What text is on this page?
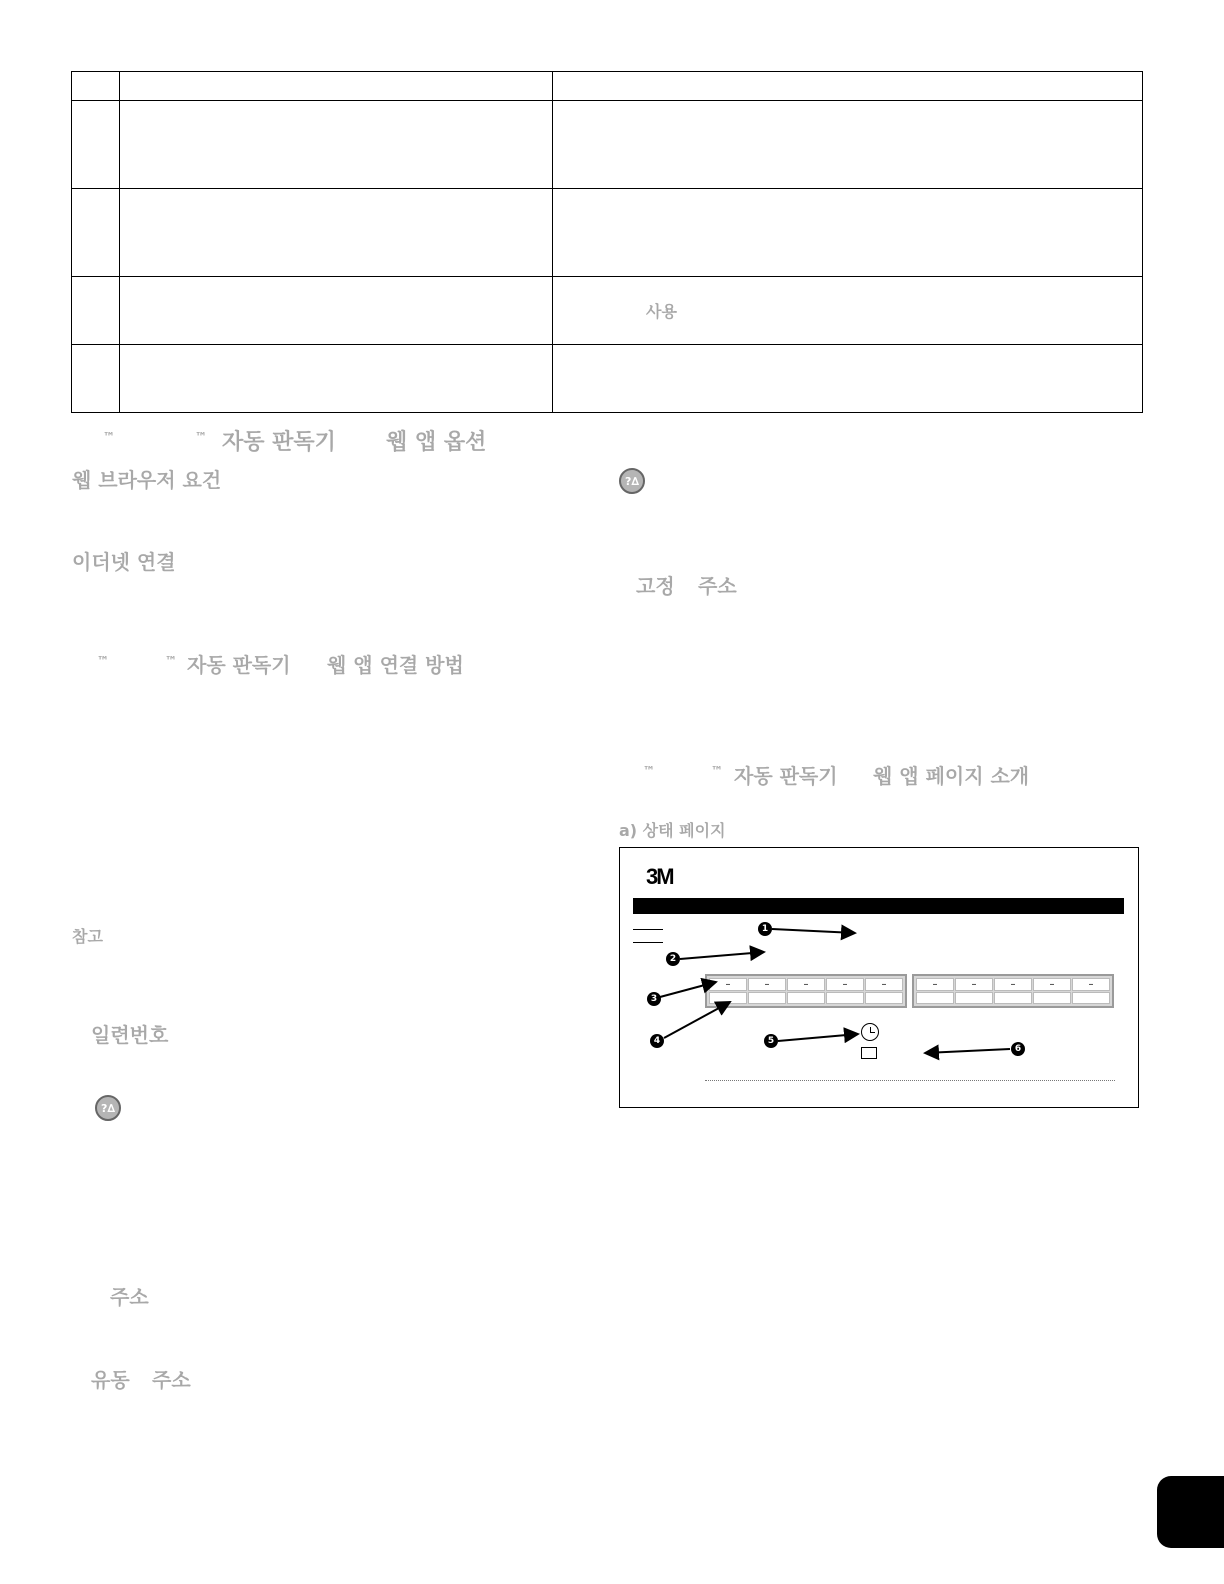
		사용

™	™ 자동 판독기 웹 앱 옵션
웹 브라우저 요건
이더넷 연결
™	™ 자동 판독기 웹 앱 연결 방법
참고
일련번호
?∆
주소
유동 주소
?∆
고정 주소
™	™ 자동 판독기 웹 앱 페이지 소개
a) 상태 페이지
3M
–	–	–	–	–	–	–	–	–	–
1
2
3
4	5
6
